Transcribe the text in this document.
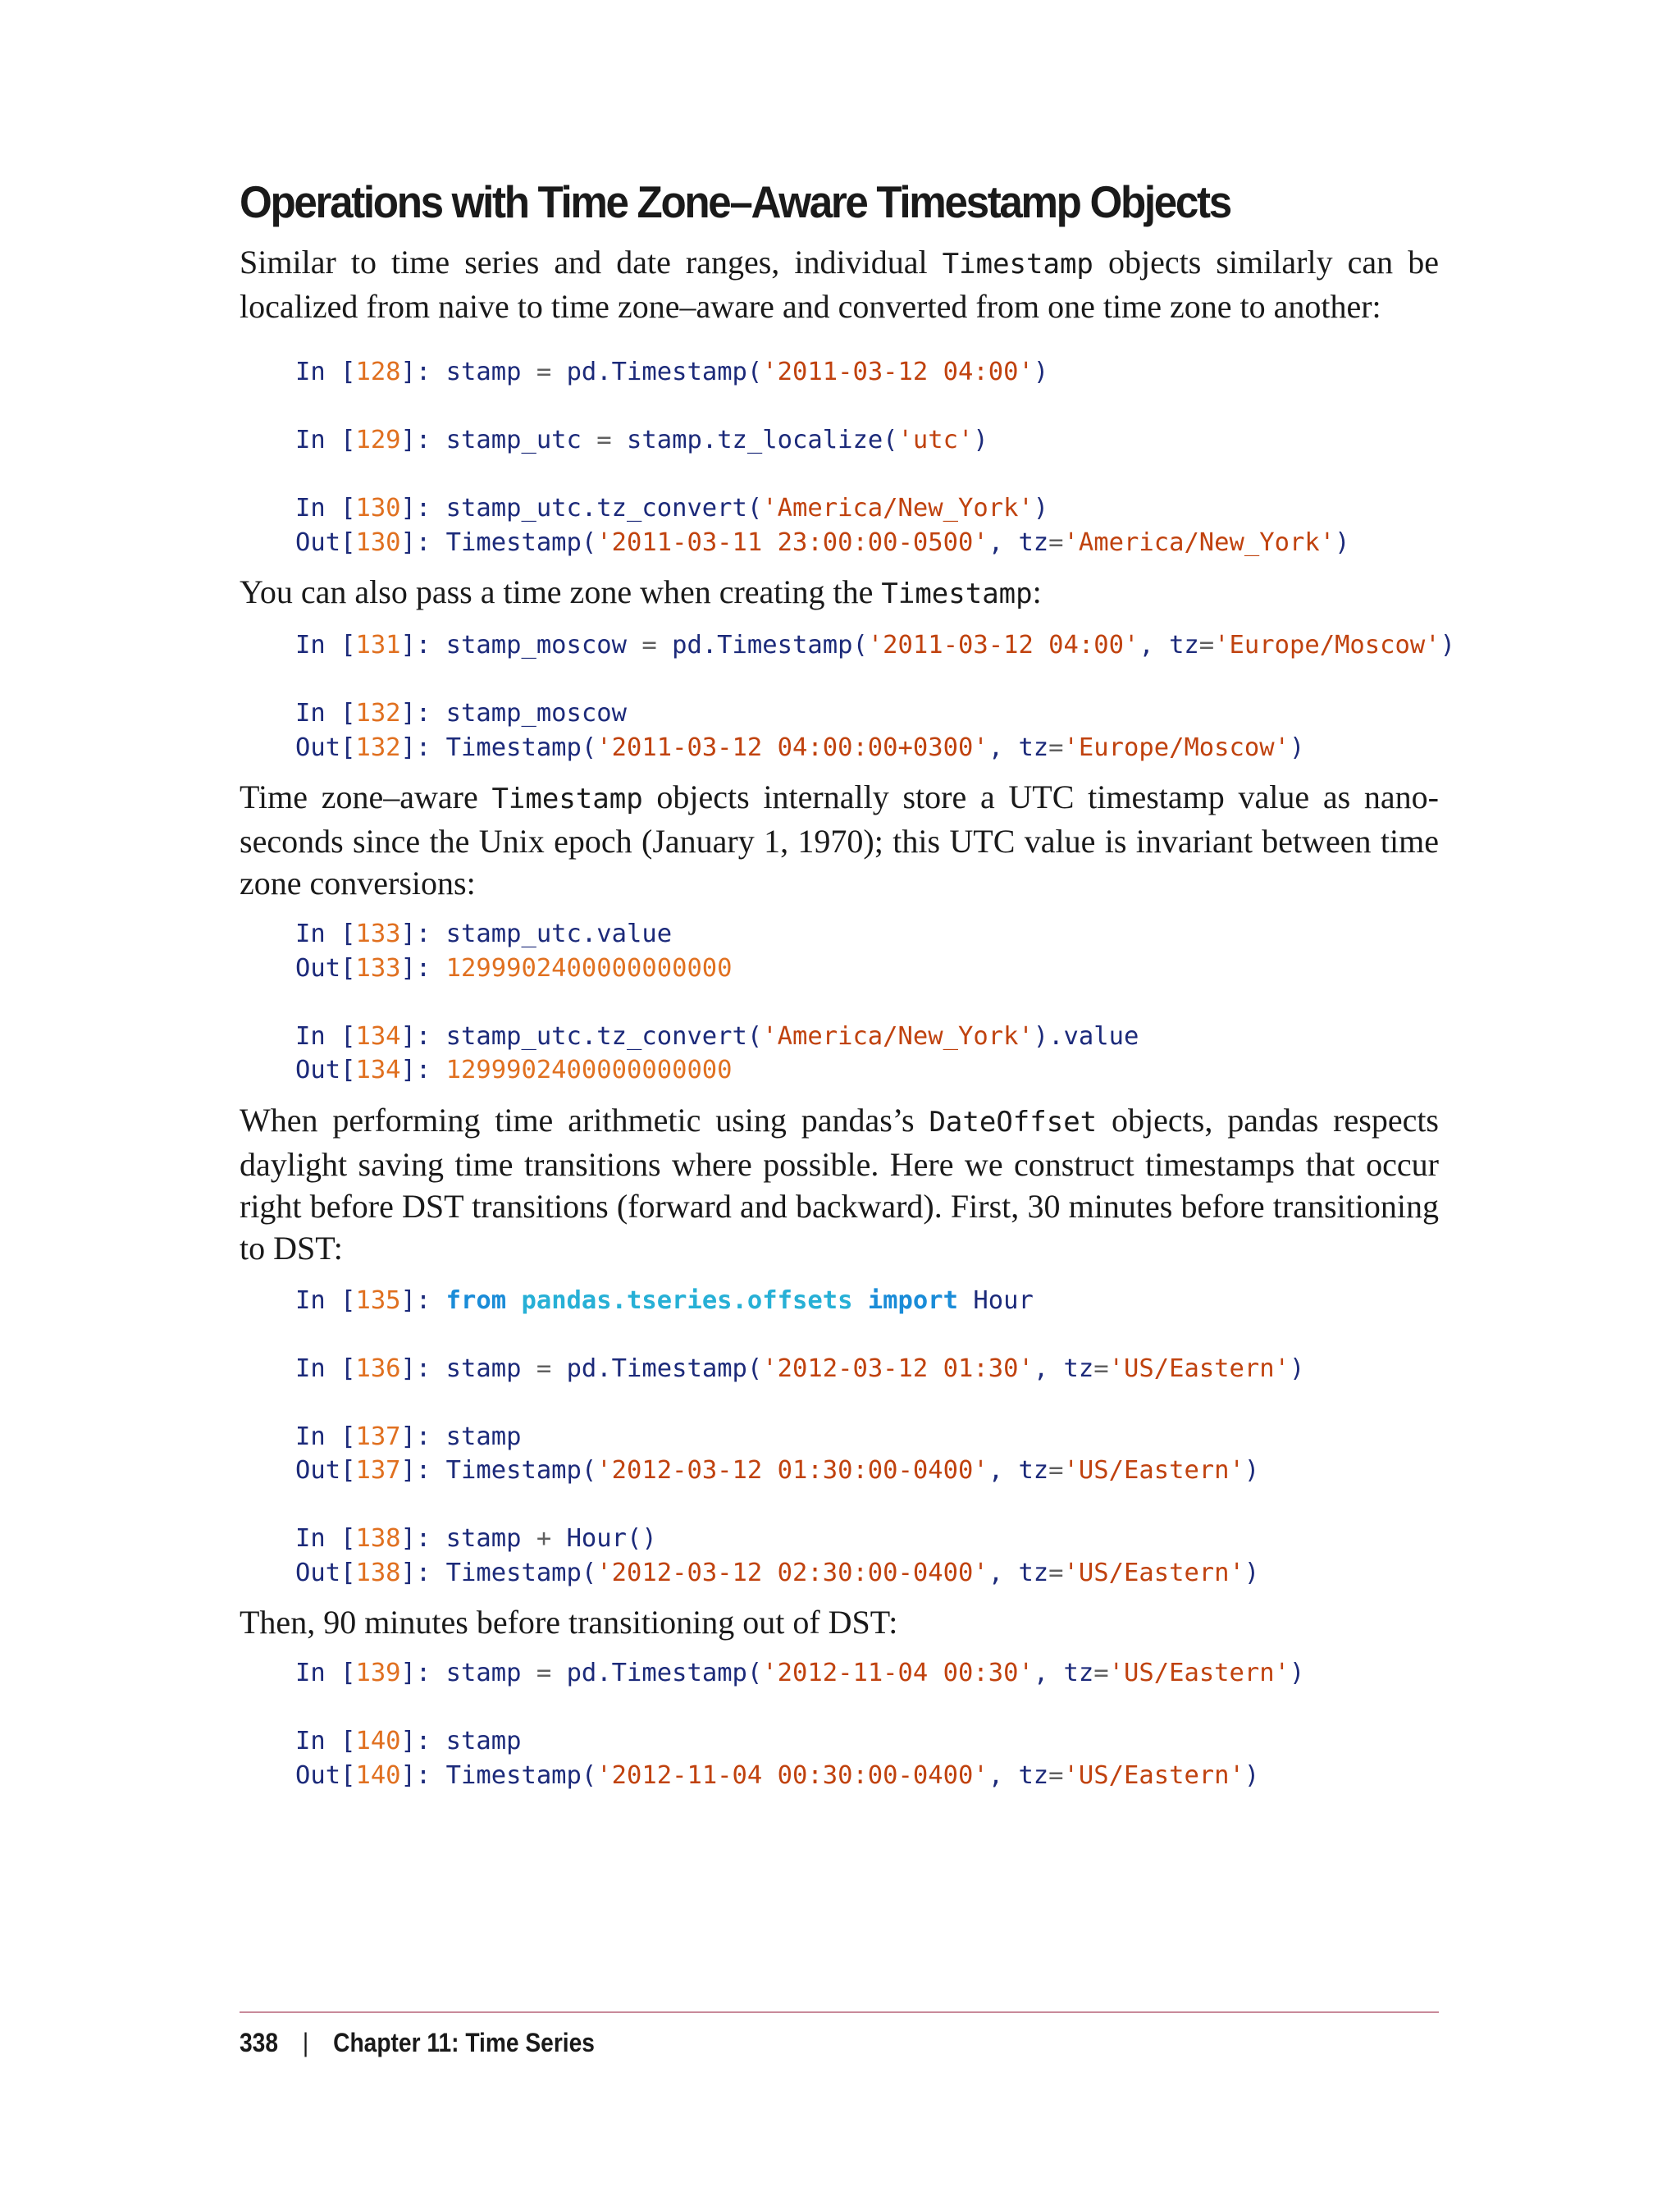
Operations with Time Zone–Aware Timestamp Objects

Similar to time series and date ranges, individual Timestamp objects similarly can be localized from naive to time zone–aware and converted from one time zone to another:

In [128]: stamp = pd.Timestamp('2011-03-12 04:00')
In [129]: stamp_utc = stamp.tz_localize('utc')
In [130]: stamp_utc.tz_convert('America/New_York')
Out[130]: Timestamp('2011-03-11 23:00:00-0500', tz='America/New_York')

You can also pass a time zone when creating the Timestamp:

In [131]: stamp_moscow = pd.Timestamp('2011-03-12 04:00', tz='Europe/Moscow')
In [132]: stamp_moscow
Out[132]: Timestamp('2011-03-12 04:00:00+0300', tz='Europe/Moscow')

Time zone–aware Timestamp objects internally store a UTC timestamp value as nanoseconds since the Unix epoch (January 1, 1970); this UTC value is invariant between time zone conversions:

In [133]: stamp_utc.value
Out[133]: 1299902400000000000
In [134]: stamp_utc.tz_convert('America/New_York').value
Out[134]: 1299902400000000000

When performing time arithmetic using pandas’s DateOffset objects, pandas respects daylight saving time transitions where possible. Here we construct timestamps that occur right before DST transitions (forward and backward). First, 30 minutes before transitioning to DST:

In [135]: from pandas.tseries.offsets import Hour
In [136]: stamp = pd.Timestamp('2012-03-12 01:30', tz='US/Eastern')
In [137]: stamp
Out[137]: Timestamp('2012-03-12 01:30:00-0400', tz='US/Eastern')
In [138]: stamp + Hour()
Out[138]: Timestamp('2012-03-12 02:30:00-0400', tz='US/Eastern')

Then, 90 minutes before transitioning out of DST:

In [139]: stamp = pd.Timestamp('2012-11-04 00:30', tz='US/Eastern')
In [140]: stamp
Out[140]: Timestamp('2012-11-04 00:30:00-0400', tz='US/Eastern')
338 | Chapter 11: Time Series
